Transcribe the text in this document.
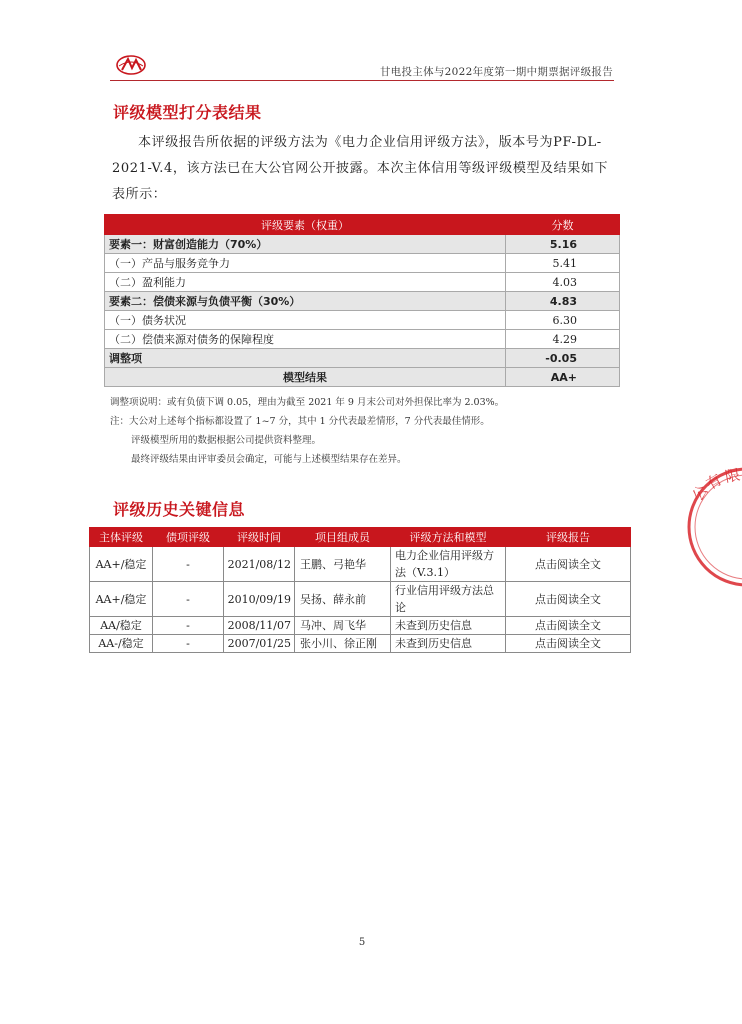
甘电投主体与2022年度第一期中期票据评级报告
评级模型打分表结果
本评级报告所依据的评级方法为《电力企业信用评级方法》，版本号为PF-DL-2021-V.4，该方法已在大公官网公开披露。本次主体信用等级评级模型及结果如下表所示：
评级要素（权重）	分数
要素一：财富创造能力（70%）	5.16
（一）产品与服务竞争力	5.41
（二）盈利能力	4.03
要素二：偿债来源与负债平衡（30%）	4.83
（一）债务状况	6.30
（二）偿债来源对债务的保障程度	4.29
调整项	-0.05
模型结果	AA+
调整项说明：或有负债下调 0.05，理由为截至 2021 年 9 月末公司对外担保比率为 2.03%。
注：大公对上述每个指标都设置了 1~7 分，其中 1 分代表最差情形，7 分代表最佳情形。
评级模型所用的数据根据公司提供资料整理。
最终评级结果由评审委员会确定，可能与上述模型结果存在差异。
评级历史关键信息
主体评级	债项评级	评级时间	项目组成员	评级方法和模型	评级报告
AA+/稳定	-	2021/08/12	王鹏、弓艳华	电力企业信用评级方法（V.3.1）	点击阅读全文
AA+/稳定	-	2010/09/19	吴扬、薛永前	行业信用评级方法总论	点击阅读全文
AA/稳定	-	2008/11/07	马冲、周飞华	未查到历史信息	点击阅读全文
AA-/稳定	-	2007/01/25	张小川、徐正刚	未查到历史信息	点击阅读全文
公
有
限
5
